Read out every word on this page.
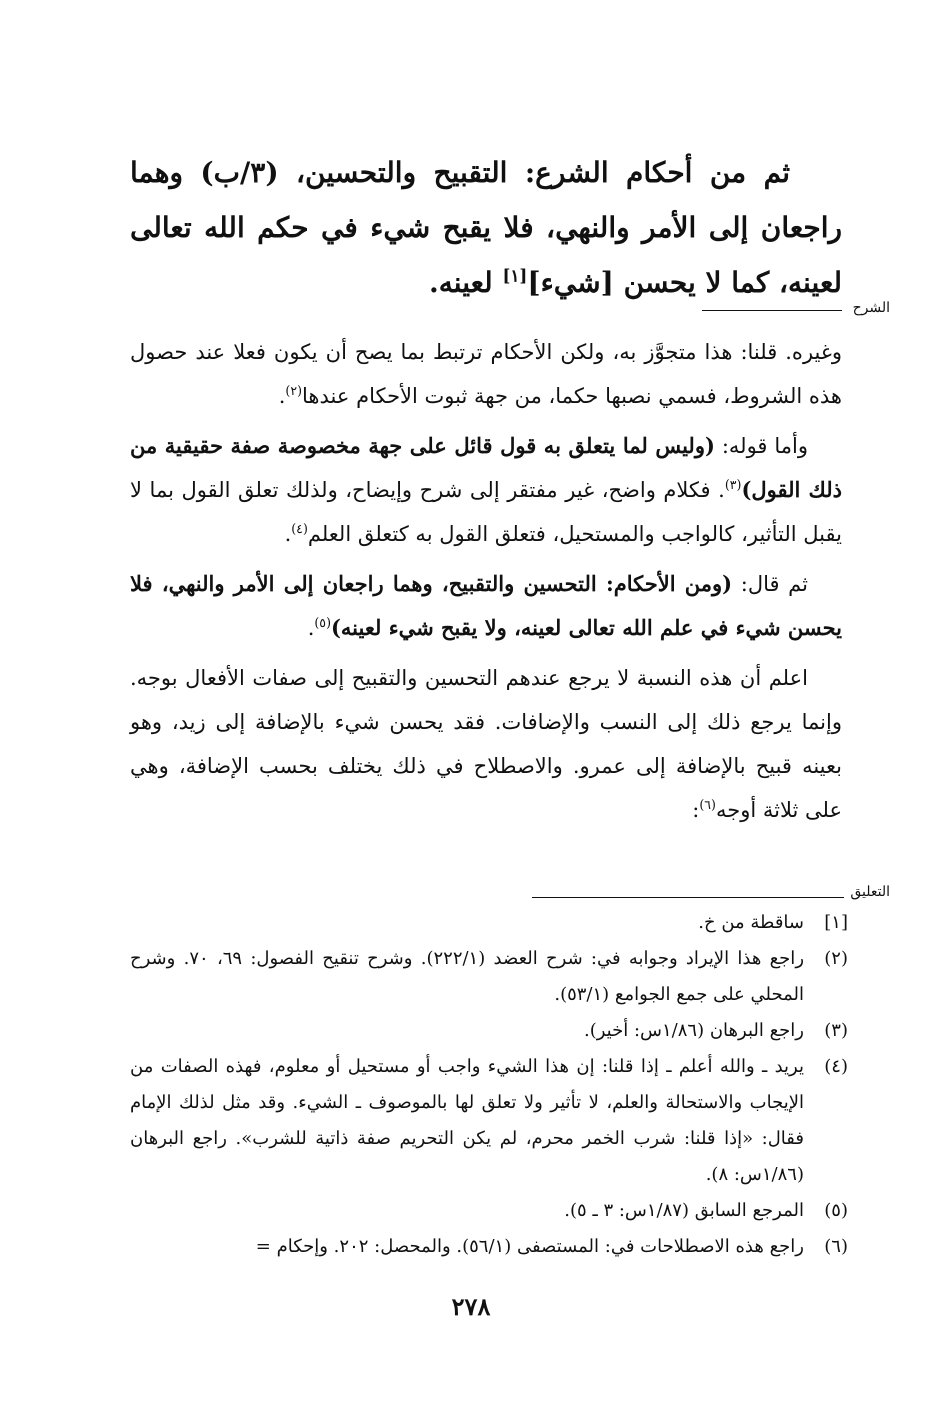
ثم من أحكام الشرع: التقبيح والتحسين، (٣/ب) وهما راجعان إلى الأمر والنهي، فلا يقبح شيء في حكم الله تعالى لعينه، كما لا يحسن [شيء][١] لعينه.

الشرح

وغيره. قلنا: هذا متجوَّز به، ولكن الأحكام ترتبط بما يصح أن يكون فعلا عند حصول هذه الشروط، فسمي نصبها حكما، من جهة ثبوت الأحكام عندها$^{(٢)}$.

وأما قوله: (وليس لما يتعلق به قول قائل على جهة مخصوصة صفة حقيقية من ذلك القول)$^{(٣)}$. فكلام واضح، غير مفتقر إلى شرح وإيضاح، ولذلك تعلق القول بما لا يقبل التأثير، كالواجب والمستحيل، فتعلق القول به كتعلق العلم$^{(٤)}$.

ثم قال: (ومن الأحكام: التحسين والتقبيح، وهما راجعان إلى الأمر والنهي، فلا يحسن شيء في علم الله تعالى لعينه، ولا يقبح شيء لعينه)$^{(٥)}$.

اعلم أن هذه النسبة لا يرجع عندهم التحسين والتقبيح إلى صفات الأفعال بوجه. وإنما يرجع ذلك إلى النسب والإضافات. فقد يحسن شيء بالإضافة إلى زيد، وهو بعينه قبيح بالإضافة إلى عمرو. والاصطلاح في ذلك يختلف بحسب الإضافة، وهي على ثلاثة أوجه$^{(٦)}$:

التعليق
[١]
ساقطة من خ.
(٢)
راجع هذا الإيراد وجوابه في: شرح العضد (٢٢٢/١). وشرح تنقيح الفصول: ٦٩، ٧٠. وشرح المحلي على جمع الجوامع (٥٣/١).
(٣)
راجع البرهان (١/٨٦س: أخير).
(٤)
يريد ـ والله أعلم ـ إذا قلنا: إن هذا الشيء واجب أو مستحيل أو معلوم، فهذه الصفات من الإيجاب والاستحالة والعلم، لا تأثير ولا تعلق لها بالموصوف ـ الشيء. وقد مثل لذلك الإمام فقال: «إذا قلنا: شرب الخمر محرم، لم يكن التحريم صفة ذاتية للشرب». راجع البرهان (١/٨٦س: ٨).
(٥)
المرجع السابق (١/٨٧س: ٣ ـ ٥).
(٦)
راجع هذه الاصطلاحات في: المستصفى (٥٦/١). والمحصل: ٢٠٢. وإحكام =
٢٧٨
